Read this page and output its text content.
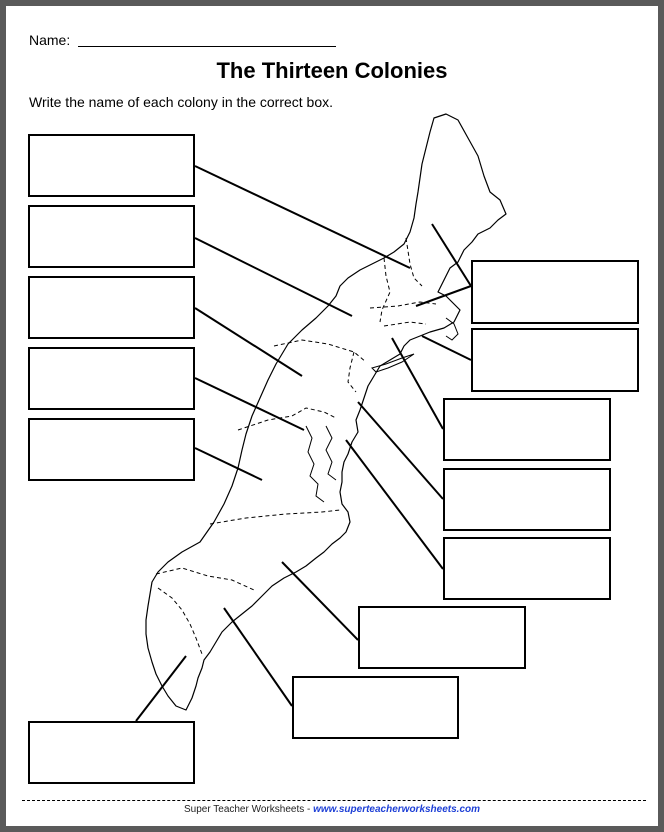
Name:
The Thirteen Colonies
Write the name of each colony in the correct box.
Super Teacher Worksheets - www.superteacherworksheets.com
